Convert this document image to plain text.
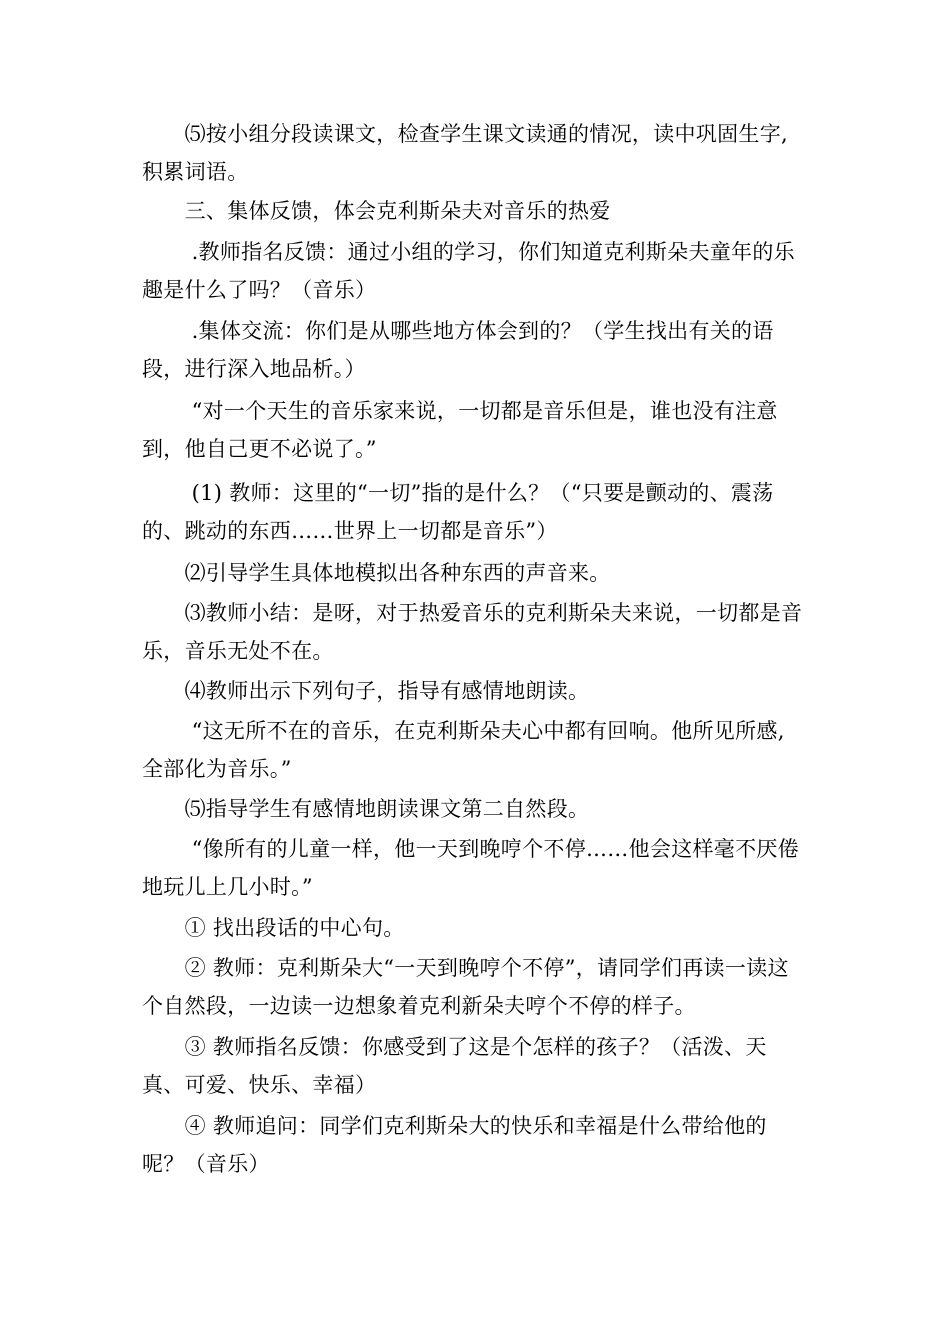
　　⑸按小组分段读课文，检查学生课文读通的情况，读中巩固生字,积累词语。

　　三、集体反馈，体会克利斯朵夫对音乐的热爱

　　 .教师指名反馈：通过小组的学习，你们知道克利斯朵夫童年的乐趣是什么了吗？（音乐）

　　 .集体交流：你们是从哪些地方体会到的？（学生找出有关的语段，进行深入地品析。）

　　 “对一个天生的音乐家来说，一切都是音乐但是，谁也没有注意到，他自己更不必说了。”

　　 (1) 教师：这里的“一切”指的是什么？（“只要是颤动的、震荡的、跳动的东西……世界上一切都是音乐”）

　　⑵引导学生具体地模拟出各种东西的声音来。

　　⑶教师小结：是呀，对于热爱音乐的克利斯朵夫来说，一切都是音乐，音乐无处不在。

　　⑷教师出示下列句子，指导有感情地朗读。

　　 “这无所不在的音乐，在克利斯朵夫心中都有回响。他所见所感,全部化为音乐。”

　　⑸指导学生有感情地朗读课文第二自然段。

　　 “像所有的儿童一样，他一天到晚哼个不停……他会这样毫不厌倦地玩儿上几小时。”

　　① 找出段话的中心句。

　　② 教师：克利斯朵大“一天到晚哼个不停”，请同学们再读一读这个自然段，一边读一边想象着克利新朵夫哼个不停的样子。

　　③ 教师指名反馈：你感受到了这是个怎样的孩子？（活泼、天真、可爱、快乐、幸福）

　　④ 教师追问：同学们克利斯朵大的快乐和幸福是什么带给他的呢？（音乐）
